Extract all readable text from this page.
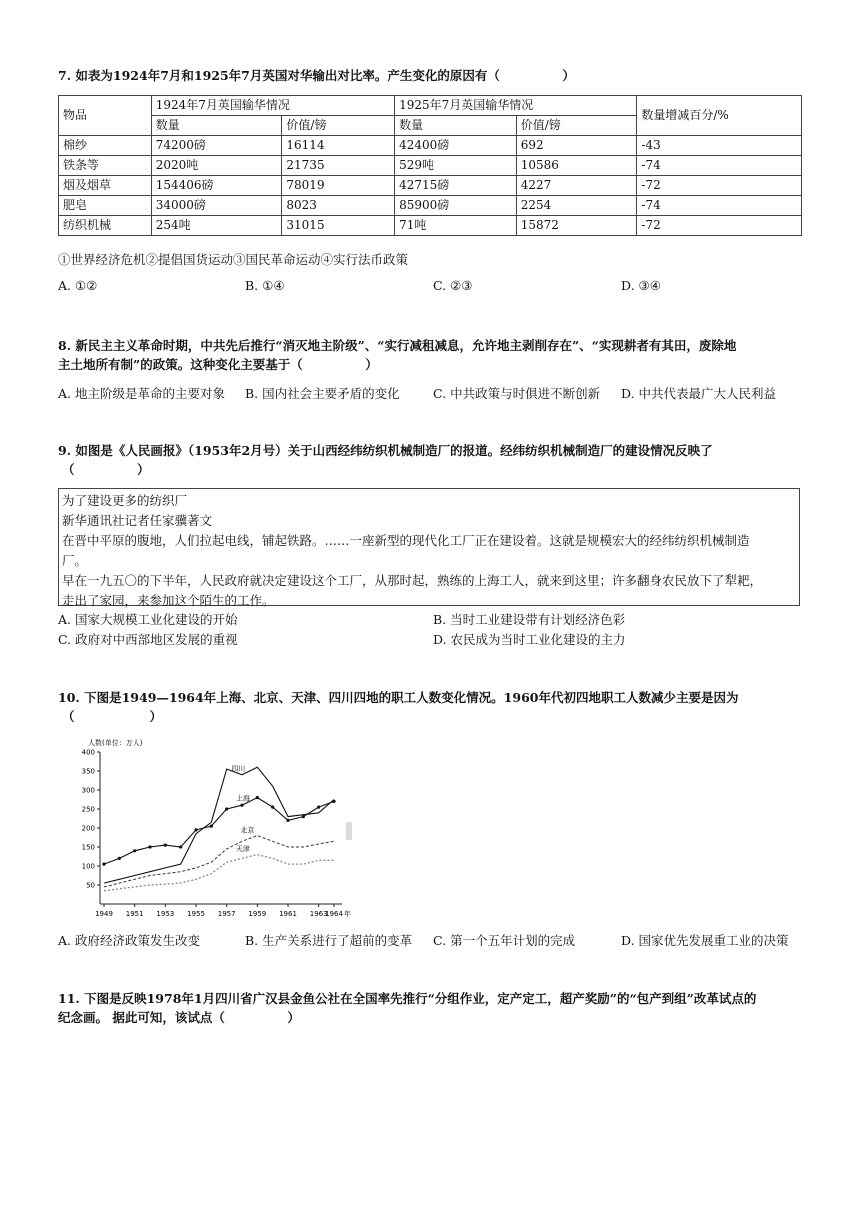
7. 如表为1924年7月和1925年7月英国对华输出对比率。产生变化的原因有（　　　　　）
物品	1924年7月英国输华情况		1925年7月英国输华情况		数量增减百分/%
	数量	价值/镑	数量	价值/镑	
棉纱	74200磅	16114	42400磅	692	-43
铁条等	2020吨	21735	529吨	10586	-74
烟及烟草	154406磅	78019	42715磅	4227	-72
肥皂	34000磅	8023	85900磅	2254	-74
纺织机械	254吨	31015	71吨	15872	-72
①世界经济危机②提倡国货运动③国民革命运动④实行法币政策
A. ①②	B. ①④	C. ②③	D. ③④
8. 新民主主义革命时期，中共先后推行“消灭地主阶级”、“实行减租减息，允许地主剥削存在”、“实现耕者有其田，废除地
主土地所有制”的政策。这种变化主要基于（　　　　　）
A. 地主阶级是革命的主要对象 B. 国内社会主要矛盾的变化	C. 中共政策与时俱进不断创新 D. 中共代表最广大人民利益
9. 如图是《人民画报》（1953年2月号）关于山西经纬纺织机械制造厂的报道。经纬纺织机械制造厂的建设情况反映了
（　　　　　）
为了建设更多的纺织厂
新华通讯社记者任家骥著文
在晋中平原的腹地，人们拉起电线，铺起铁路。……一座新型的现代化工厂正在建设着。这就是规模宏大的经纬纺织机械制造
厂。
早在一九五〇的下半年，人民政府就决定建设这个工厂，从那时起，熟练的上海工人，就来到这里；许多翻身农民放下了犁耙，
走出了家园，来参加这个陌生的工作。
A. 国家大规模工业化建设的开始	B. 当时工业建设带有计划经济色彩
C. 政府对中西部地区发展的重视	D. 农民成为当时工业化建设的主力
10. 下图是1949—1964年上海、北京、天津、四川四地的职工人数变化情况。1960年代初四地职工人数减少主要是因为
（　　　　　　）
人数(单位：万人)
50
100
150
200
250
300
350
400
1949 1951 1953 1955 1957 1959 1961 1963
1964
四川
上海
北京
天津
年
A. 政府经济政策发生改变	B. 生产关系进行了超前的变革 C. 第一个五年计划的完成	D. 国家优先发展重工业的决策
11. 下图是反映1978年1月四川省广汉县金鱼公社在全国率先推行“分组作业，定产定工，超产奖励”的“包产到组”改革试点的
纪念画。 据此可知，该试点（　　　　　）
